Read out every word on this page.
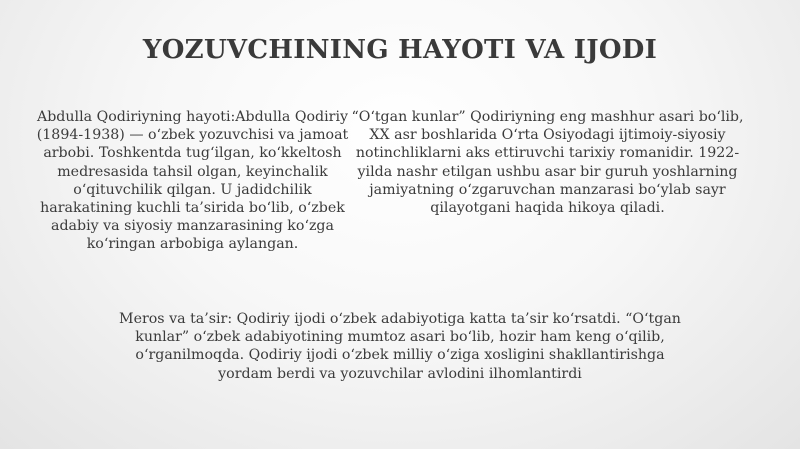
YOZUVCHINING HAYOTI VA IJODI
Abdulla Qodiriyning hayoti:Abdulla Qodiriy (1894-1938) — o‘zbek yozuvchisi va jamoat arbobi. Toshkentda tug‘ilgan, ko‘kkeltosh medresasida tahsil olgan, keyinchalik o‘qituvchilik qilgan. U jadidchilik harakatining kuchli ta’sirida bo‘lib, o‘zbek adabiy va siyosiy manzarasining ko‘zga ko‘ringan arbobiga aylangan.
“O‘tgan kunlar” Qodiriyning eng mashhur asari bo‘lib, XX asr boshlarida O‘rta Osiyodagi ijtimoiy-siyosiy notinchliklarni aks ettiruvchi tarixiy romanidir. 1922-yilda nashr etilgan ushbu asar bir guruh yoshlarning jamiyatning o‘zgaruvchan manzarasi bo‘ylab sayr qilayotgani haqida hikoya qiladi.
Meros va ta’sir: Qodiriy ijodi o‘zbek adabiyotiga katta ta’sir ko‘rsatdi. “O‘tgan kunlar” o‘zbek adabiyotining mumtoz asari bo‘lib, hozir ham keng o‘qilib, o‘rganilmoqda. Qodiriy ijodi o‘zbek milliy o‘ziga xosligini shakllantirishga yordam berdi va yozuvchilar avlodini ilhomlantirdi
